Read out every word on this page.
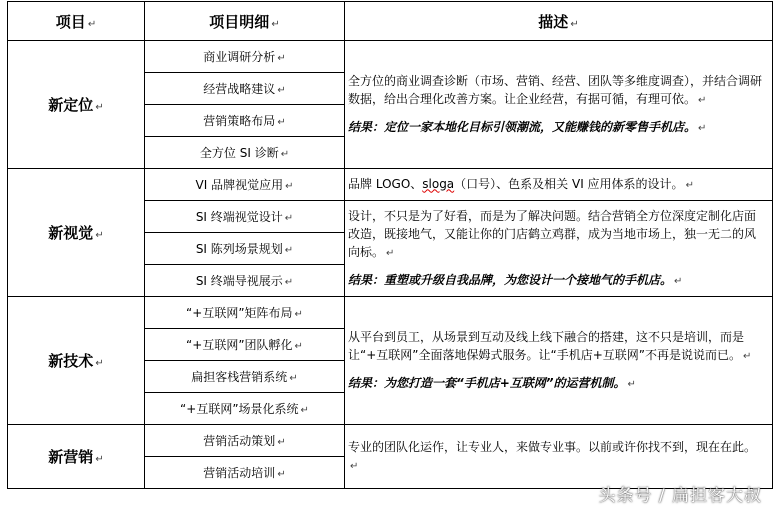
项目 ↵	项目明细 ↵	描述 ↵
新定位 ↵	商业调研分析 ↵	全方位的商业调查诊断（市场、营销、经营、团队等多维度调查），并结合调研数据，给出合理化改善方案。让企业经营，有据可循，有理可依。 ↵
结果：定位一家本地化目标引领潮流，又能赚钱的新零售手机店。 ↵

	经营战略建议 ↵	
	营销策略布局 ↵	
	全方位 SI 诊断 ↵	
新视觉 ↵	VI 品牌视觉应用 ↵	品牌 LOGO、sloga（口号）、色系及相关 VI 应用体系的设计。 ↵
	SI 终端视觉设计 ↵	设计，不只是为了好看，而是为了解决问题。结合营销全方位深度定制化店面改造，既接地气，又能让你的门店鹤立鸡群，成为当地市场上，独一无二的风向标。 ↵
结果：重塑或升级自我品牌，为您设计一个接地气的手机店。 ↵

	SI 陈列场景规划 ↵	
	SI 终端导视展示 ↵	
新技术 ↵	“+互联网”矩阵布局 ↵	从平台到员工，从场景到互动及线上线下融合的搭建，这不只是培训，而是让“+互联网”全面落地保姆式服务。让“手机店+互联网”不再是说说而已。 ↵
结果：为您打造一套“手机店+互联网”的运营机制。 ↵

	“+互联网”团队孵化 ↵	
	扁担客栈营销系统 ↵	
	“+互联网”场景化系统 ↵	
新营销 ↵	营销活动策划 ↵	专业的团队化运作，让专业人，来做专业事。以前或许你找不到，现在在此。↵
	营销活动培训 ↵	
头条号 / 扁担客大叔
